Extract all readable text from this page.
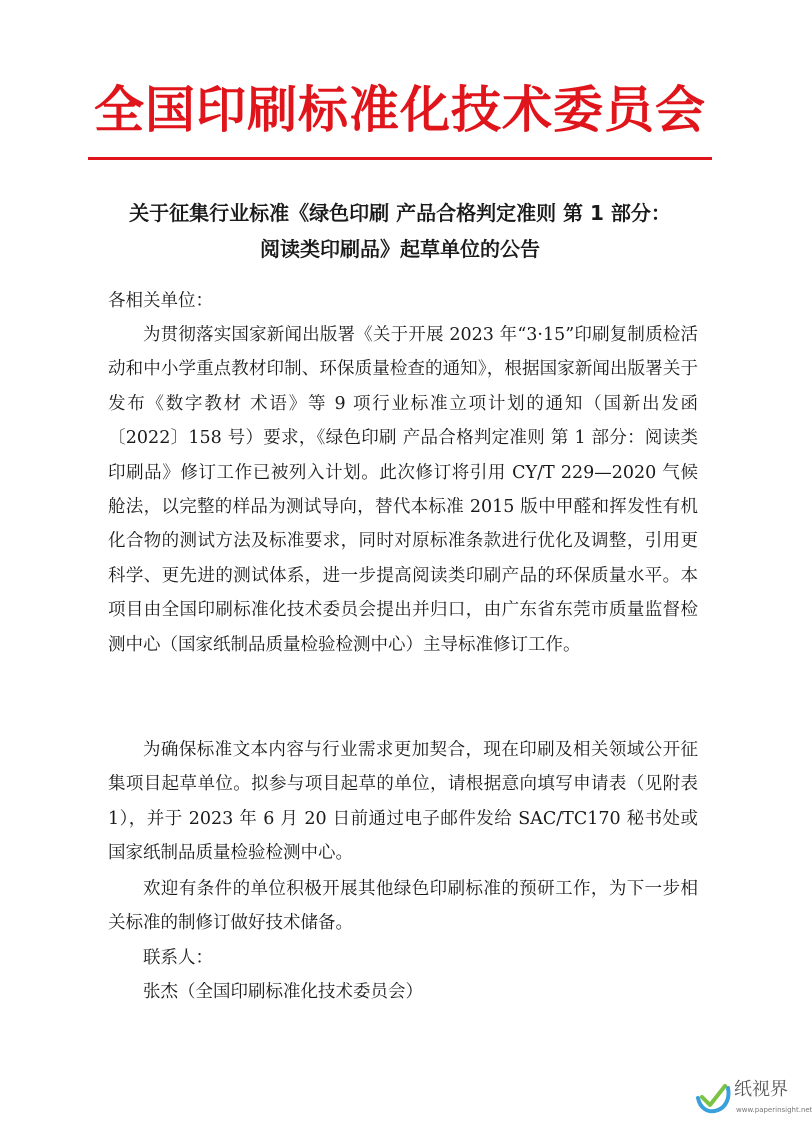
全国印刷标准化技术委员会
关于征集行业标准《绿色印刷 产品合格判定准则 第 1 部分：
阅读类印刷品》起草单位的公告
各相关单位：
为贯彻落实国家新闻出版署《关于开展 2023 年“3·15”印刷复制质检活动和中小学重点教材印制、环保质量检查的通知》，根据国家新闻出版署关于发布《数字教材 术语》等 9 项行业标准立项计划的通知（国新出发函〔2022〕158 号）要求，《绿色印刷 产品合格判定准则 第 1 部分：阅读类印刷品》修订工作已被列入计划。此次修订将引用 CY/T 229—2020 气候舱法，以完整的样品为测试导向，替代本标准 2015 版中甲醛和挥发性有机化合物的测试方法及标准要求，同时对原标准条款进行优化及调整，引用更科学、更先进的测试体系，进一步提高阅读类印刷产品的环保质量水平。本项目由全国印刷标准化技术委员会提出并归口，由广东省东莞市质量监督检测中心（国家纸制品质量检验检测中心）主导标准修订工作。
为确保标准文本内容与行业需求更加契合，现在印刷及相关领域公开征集项目起草单位。拟参与项目起草的单位，请根据意向填写申请表（见附表 1），并于 2023 年 6 月 20 日前通过电子邮件发给 SAC/TC170 秘书处或国家纸制品质量检验检测中心。
欢迎有条件的单位积极开展其他绿色印刷标准的预研工作，为下一步相关标准的制修订做好技术储备。
联系人：
张杰（全国印刷标准化技术委员会）
纸视界
www.paperinsight.net
